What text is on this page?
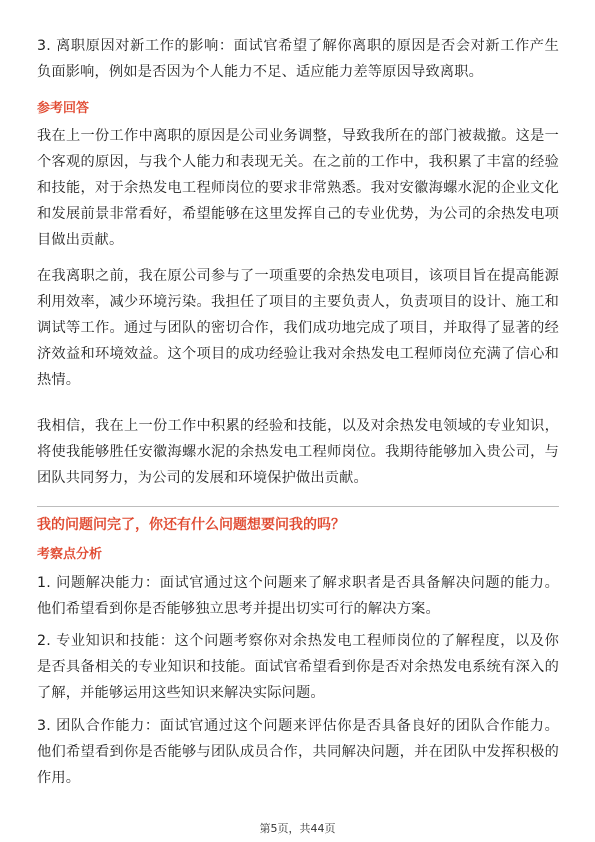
3. 离职原因对新工作的影响：面试官希望了解你离职的原因是否会对新工作产生负面影响，例如是否因为个人能力不足、适应能力差等原因导致离职。

参考回答

我在上一份工作中离职的原因是公司业务调整，导致我所在的部门被裁撤。这是一个客观的原因，与我个人能力和表现无关。在之前的工作中，我积累了丰富的经验和技能，对于余热发电工程师岗位的要求非常熟悉。我对安徽海螺水泥的企业文化和发展前景非常看好，希望能够在这里发挥自己的专业优势，为公司的余热发电项目做出贡献。

在我离职之前，我在原公司参与了一项重要的余热发电项目，该项目旨在提高能源利用效率，减少环境污染。我担任了项目的主要负责人，负责项目的设计、施工和调试等工作。通过与团队的密切合作，我们成功地完成了项目，并取得了显著的经济效益和环境效益。这个项目的成功经验让我对余热发电工程师岗位充满了信心和热情。

我相信，我在上一份工作中积累的经验和技能，以及对余热发电领域的专业知识，将使我能够胜任安徽海螺水泥的余热发电工程师岗位。我期待能够加入贵公司，与团队共同努力，为公司的发展和环境保护做出贡献。

我的问题问完了，你还有什么问题想要问我的吗？

考察点分析

1. 问题解决能力：面试官通过这个问题来了解求职者是否具备解决问题的能力。他们希望看到你是否能够独立思考并提出切实可行的解决方案。

2. 专业知识和技能：这个问题考察你对余热发电工程师岗位的了解程度，以及你是否具备相关的专业知识和技能。面试官希望看到你是否对余热发电系统有深入的了解，并能够运用这些知识来解决实际问题。

3. 团队合作能力：面试官通过这个问题来评估你是否具备良好的团队合作能力。他们希望看到你是否能够与团队成员合作，共同解决问题，并在团队中发挥积极的作用。

第5页，共44页
